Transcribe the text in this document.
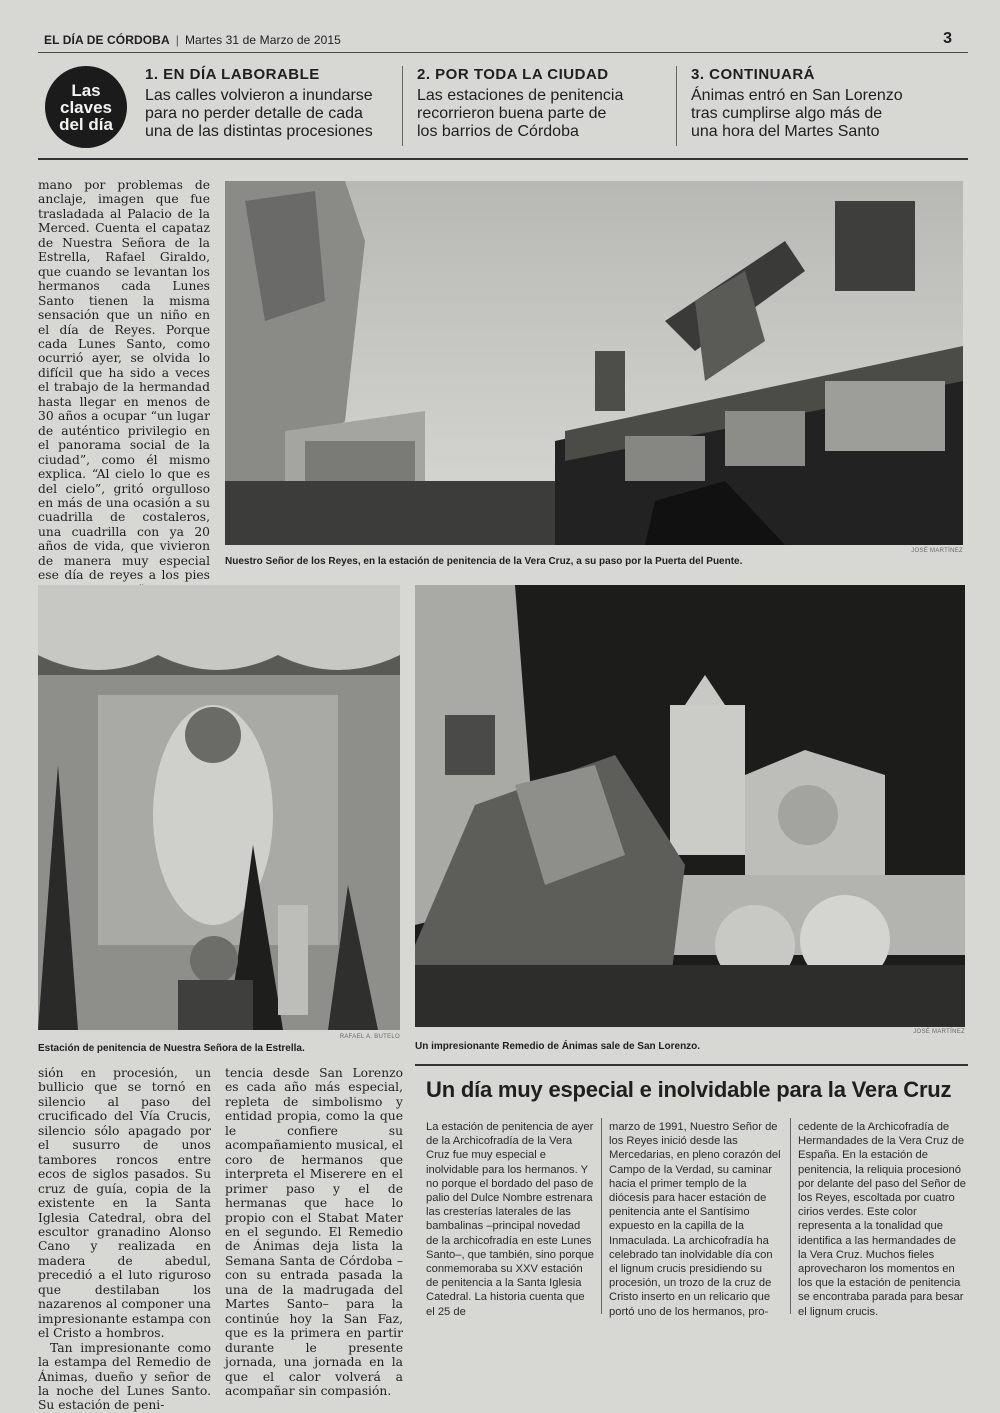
EL DÍA DE CÓRDOBA | Martes 31 de Marzo de 2015	3
Las
claves
del día
1. EN DÍA LABORABLE
Las calles volvieron a inundarse
para no perder detalle de cada
una de las distintas procesiones
2. POR TODA LA CIUDAD
Las estaciones de penitencia
recorrieron buena parte de
los barrios de Córdoba
3. CONTINUARÁ
Ánimas entró en San Lorenzo
tras cumplirse algo más de
una hora del Martes Santo

mano por problemas de anclaje, imagen que fue trasladada al Palacio de la Merced. Cuenta el capataz de Nuestra Señora de la Estrella, Rafael Giraldo, que cuando se levantan los hermanos cada Lunes Santo tienen la misma sensación que un niño en el día de Reyes. Porque cada Lunes Santo, como ocurrió ayer, se olvida lo difícil que ha sido a veces el trabajo de la hermandad hasta llegar en menos de 30 años a ocupar “un lugar de auténtico privilegio en el panorama social de la ciudad”, como él mismo explica. “Al cielo lo que es del cielo”, gritó orgulloso en más de una ocasión a su cuadrilla de costaleros, una cuadrilla con ya 20 años de vida, que vivieron de manera muy especial ese día de reyes a los pies

Nuestro Señor de los Reyes, en la estación de penitencia de la Vera Cruz, a su paso por la Puerta del Puente.
JOSÉ MARTÍNEZ
Estación de penitencia de Nuestra Señora de la Estrella.
RAFAEL A. BUTELO
Un impresionante Remedio de Ánimas sale de San Lorenzo.
JOSÉ MARTÍNEZ

sión en procesión, un bullicio que se tornó en silencio al paso del crucificado del Vía Crucis, silencio sólo apagado por el susurro de unos tambores roncos entre ecos de siglos pasados. Su cruz de guía, copia de la existente en la Santa Iglesia Catedral, obra del escultor granadino Alonso Cano y realizada en madera de abedul, precedió a el luto riguroso que destilaban los nazarenos al componer una impresionante estampa con el Cristo a hombros.

Tan impresionante como la estampa del Remedio de Ánimas, dueño y señor de la noche del Lunes Santo. Su estación de peni-

tencia desde San Lorenzo es cada año más especial, repleta de simbolismo y entidad propia, como la que le confiere su acompañamiento musical, el coro de hermanos que interpreta el Miserere en el primer paso y el de hermanas que hace lo propio con el Stabat Mater en el segundo. El Remedio de Ánimas deja lista la Semana Santa de Córdoba –con su entrada pasada la una de la madrugada del Martes Santo– para la continúe hoy la San Faz, que es la primera en partir durante le presente jornada, una jornada en la que el calor volverá a acompañar sin compasión.

Un día muy especial e inolvidable para la Vera Cruz
La estación de penitencia de ayer de la Archicofradía de la Vera Cruz fue muy especial e inolvidable para los hermanos. Y no porque el bordado del paso de palio del Dulce Nombre estrenara las cresterías laterales de las bambalinas –principal novedad de la archicofradía en este Lunes Santo–, que también, sino porque conmemoraba su XXV estación de penitencia a la Santa Iglesia Catedral. La historia cuenta que el 25 de
marzo de 1991, Nuestro Señor de los Reyes inició desde las Mercedarias, en pleno corazón del Campo de la Verdad, su caminar hacia el primer templo de la diócesis para hacer estación de penitencia ante el Santísimo expuesto en la capilla de la Inmaculada. La archicofradía ha celebrado tan inolvidable día con el lignum crucis presidiendo su procesión, un trozo de la cruz de Cristo inserto en un relicario que portó uno de los hermanos, pro-
cedente de la Archicofradía de Hermandades de la Vera Cruz de España. En la estación de penitencia, la reliquia procesionó por delante del paso del Señor de los Reyes, escoltada por cuatro cirios verdes. Este color representa a la tonalidad que identifica a las hermandades de la Vera Cruz. Muchos fieles aprovecharon los momentos en los que la estación de penitencia se encontraba parada para besar el lignum crucis.
